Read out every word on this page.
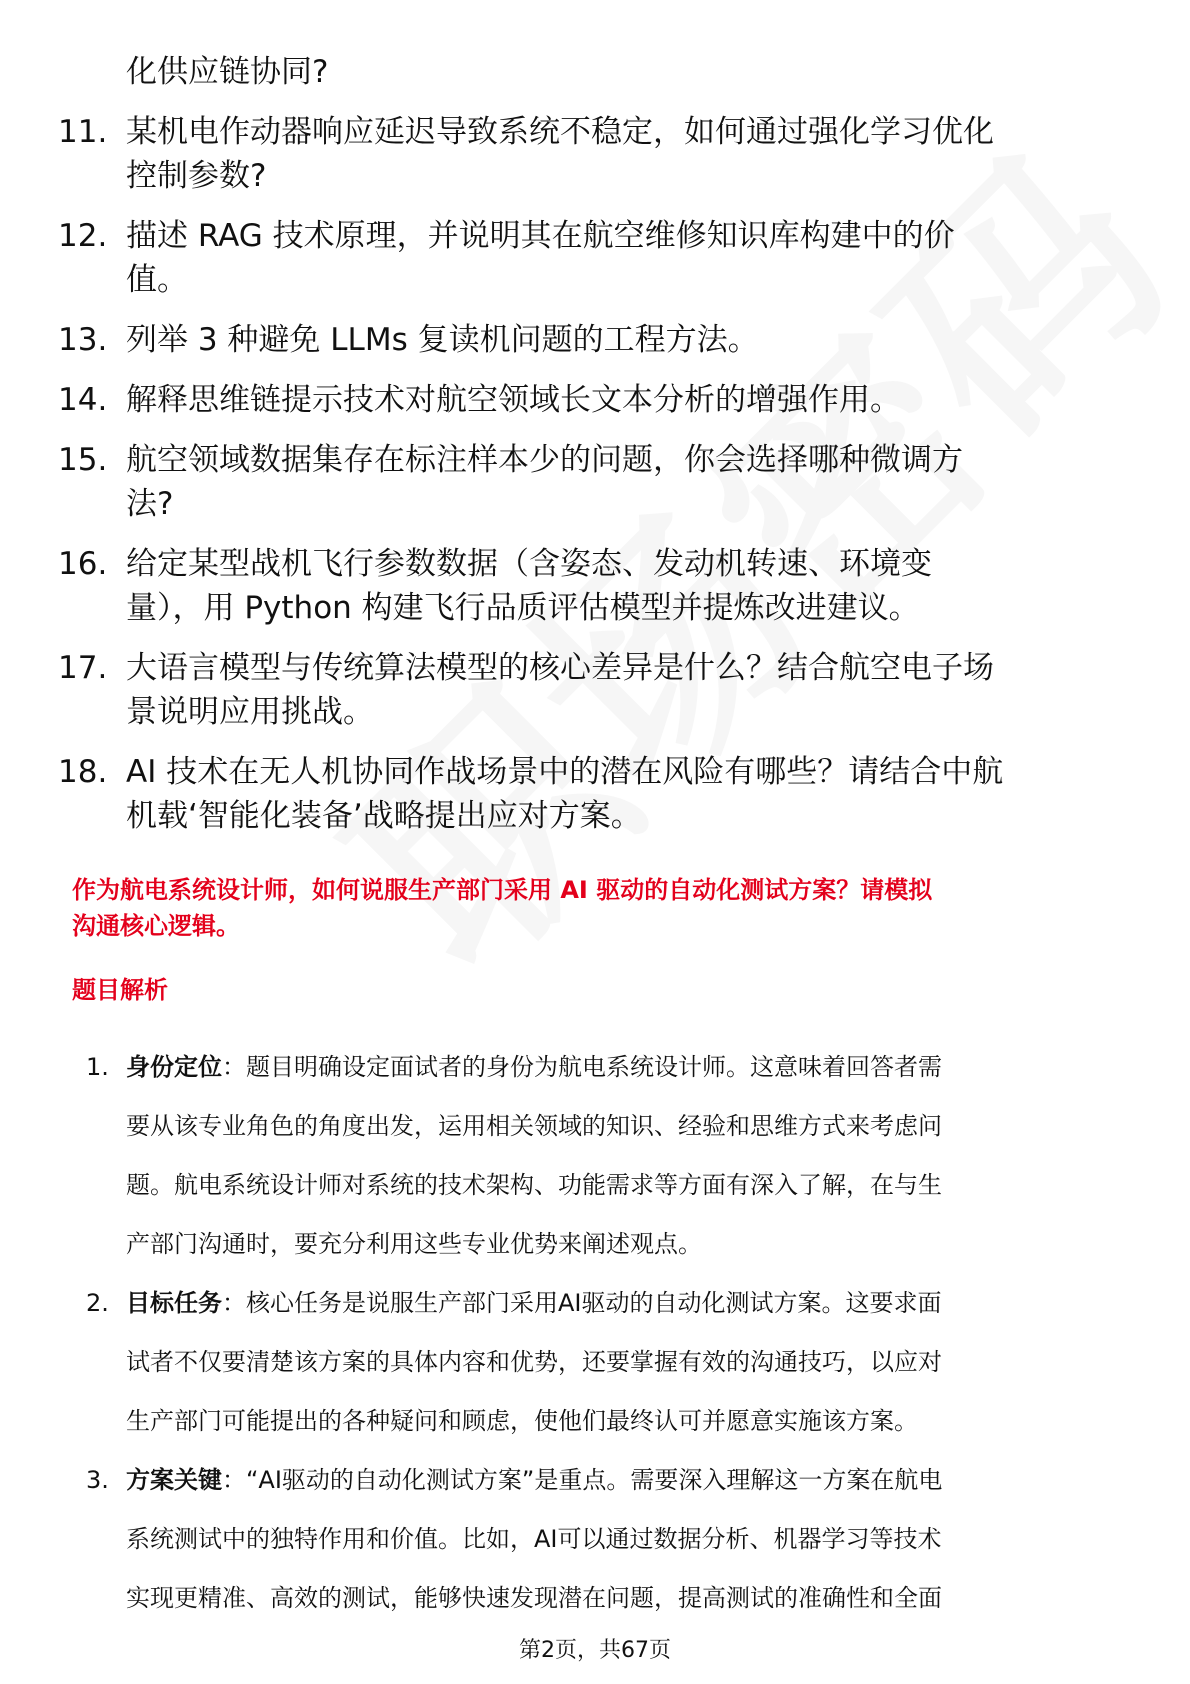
化供应链协同?
11. 某机电作动器响应延迟导致系统不稳定，如何通过强化学习优化
控制参数?
12. 描述 RAG 技术原理，并说明其在航空维修知识库构建中的价
值。
13. 列举 3 种避免 LLMs 复读机问题的工程方法。
14. 解释思维链提示技术对航空领域长文本分析的增强作用。
15. 航空领域数据集存在标注样本少的问题，你会选择哪种微调方
法?
16. 给定某型战机飞行参数数据（含姿态、发动机转速、环境变
量），用 Python 构建飞行品质评估模型并提炼改进建议。
17. 大语言模型与传统算法模型的核心差异是什么？结合航空电子场
景说明应用挑战。
18. AI 技术在无人机协同作战场景中的潜在风险有哪些？请结合中航
机载‘智能化装备’战略提出应对方案。
作为航电系统设计师，如何说服生产部门采用 AI 驱动的自动化测试方案？请模拟
沟通核心逻辑。
题目解析
1. 身份定位：题目明确设定面试者的身份为航电系统设计师。这意味着回答者需
要从该专业角色的角度出发，运用相关领域的知识、经验和思维方式来考虑问
题。航电系统设计师对系统的技术架构、功能需求等方面有深入了解，在与生
产部门沟通时，要充分利用这些专业优势来阐述观点。
2. 目标任务：核心任务是说服生产部门采用AI驱动的自动化测试方案。这要求面
试者不仅要清楚该方案的具体内容和优势，还要掌握有效的沟通技巧，以应对
生产部门可能提出的各种疑问和顾虑，使他们最终认可并愿意实施该方案。
3. 方案关键：“AI驱动的自动化测试方案”是重点。需要深入理解这一方案在航电
系统测试中的独特作用和价值。比如，AI可以通过数据分析、机器学习等技术
实现更精准、高效的测试，能够快速发现潜在问题，提高测试的准确性和全面
第2页，共67页
